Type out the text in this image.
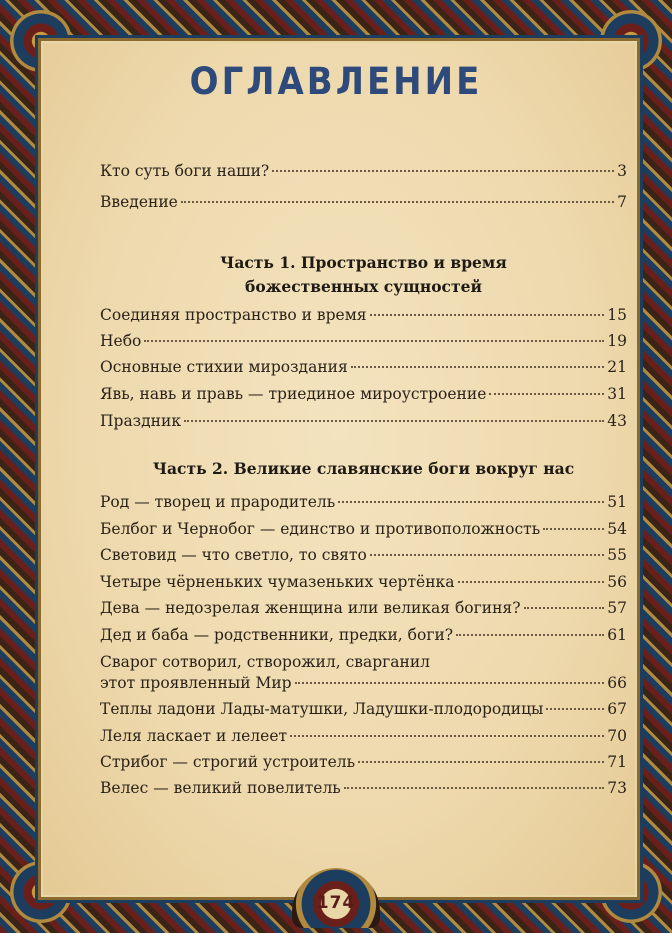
ОГЛАВЛЕНИЕ
Кто суть боги наши?	3
Введение	7
Часть 1. Пространство и время
божественных сущностей
Соединяя пространство и время	15
Небо	19
Основные стихии мироздания	21
Явь, навь и правь — триединое мироустроение	31
Праздник	43
Часть 2. Великие славянские боги вокруг нас
Род — творец и прародитель	51
Белбог и Чернобог — единство и противоположность	54
Световид — что светло, то свято	55
Четыре чёрненьких чумазеньких чертёнка	56
Дева — недозрелая женщина или великая богиня?	57
Дед и баба — родственники, предки, боги?	61
Сварог сотворил, створожил, сварганил
этот проявленный Мир	66
Теплы ладони Лады-матушки, Ладушки-плодородицы	67
Леля ласкает и лелеет	70
Стрибог — строгий устроитель	71
Велес — великий повелитель	73
174
